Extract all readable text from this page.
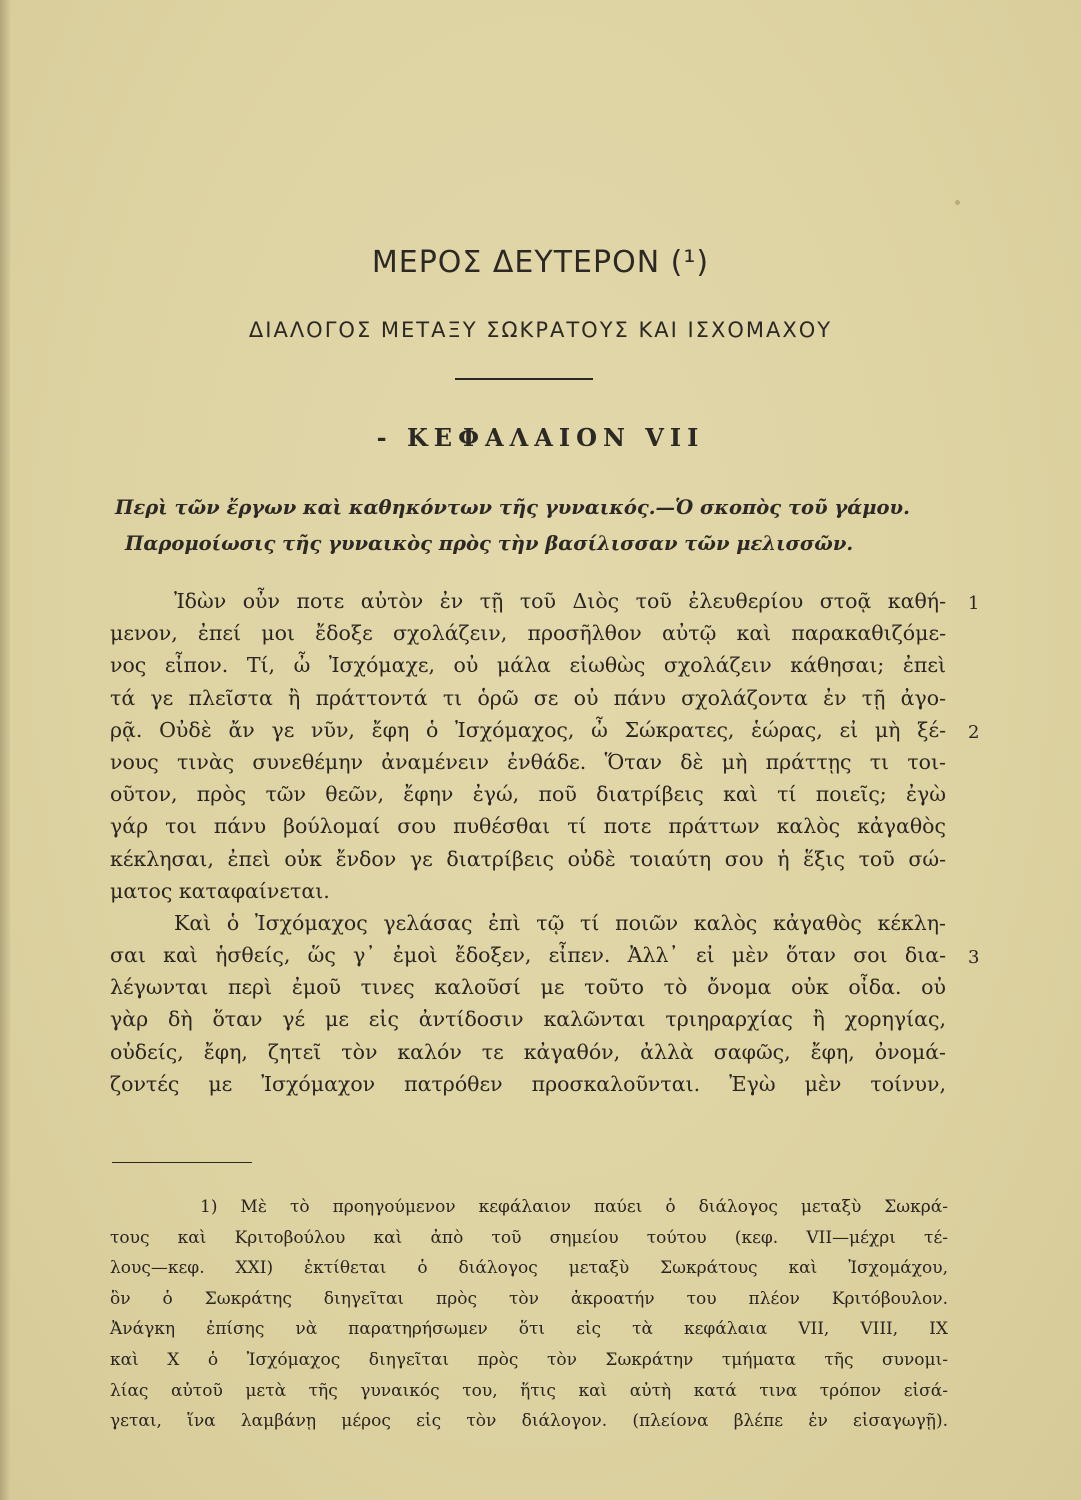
ΜΕΡΟΣ ΔΕΥΤΕΡΟΝ (¹)
ΔΙΑΛΟΓΟΣ ΜΕΤΑΞΥ ΣΩΚΡΑΤΟΥΣ ΚΑΙ ΙΣΧΟΜΑΧΟΥ
- ΚΕΦΑΛΑΙΟΝ VII
Περὶ τῶν ἔργων καὶ καθηκόντων τῆς γυναικός.—Ὁ σκοπὸς τοῦ γάμου.
Παρομοίωσις τῆς γυναικὸς πρὸς τὴν βασίλισσαν τῶν μελισσῶν.
Ἰδὼν οὖν ποτε αὐτὸν ἐν τῇ τοῦ Διὸς τοῦ ἐλευθερίου στοᾷ καθή-
μενον, ἐπεί μοι ἔδοξε σχολάζειν, προσῆλθον αὐτῷ καὶ παρακαθιζόμε-
νος εἶπον. Τί, ὦ Ἰσχόμαχε, οὐ μάλα εἰωθὼς σχολάζειν κάθησαι; ἐπεὶ
τά γε πλεῖστα ἢ πράττοντά τι ὁρῶ σε οὐ πάνυ σχολάζοντα ἐν τῇ ἀγο-
ρᾷ. Οὐδὲ ἄν γε νῦν, ἔφη ὁ Ἰσχόμαχος, ὦ Σώκρατες, ἑώρας, εἰ μὴ ξέ-
νους τινὰς συνεθέμην ἀναμένειν ἐνθάδε. Ὅταν δὲ μὴ πράττῃς τι τοι-
οῦτον, πρὸς τῶν θεῶν, ἔφην ἐγώ, ποῦ διατρίβεις καὶ τί ποιεῖς; ἐγὼ
γάρ τοι πάνυ βούλομαί σου πυθέσθαι τί ποτε πράττων καλὸς κἀγαθὸς
κέκλησαι, ἐπεὶ οὐκ ἔνδον γε διατρίβεις οὐδὲ τοιαύτη σου ἡ ἕξις τοῦ σώ-
ματος καταφαίνεται.
Καὶ ὁ Ἰσχόμαχος γελάσας ἐπὶ τῷ τί ποιῶν καλὸς κἀγαθὸς κέκλη-
σαι καὶ ἡσθείς, ὥς γ᾽ ἐμοὶ ἔδοξεν, εἶπεν. Ἀλλ᾽ εἰ μὲν ὅταν σοι δια-
λέγωνται περὶ ἐμοῦ τινες καλοῦσί με τοῦτο τὸ ὄνομα οὐκ οἶδα. οὐ
γὰρ δὴ ὅταν γέ με εἰς ἀντίδοσιν καλῶνται τριηραρχίας ἢ χορηγίας,
οὐδείς, ἔφη, ζητεῖ τὸν καλόν τε κἀγαθόν, ἀλλὰ σαφῶς, ἔφη, ὀνομά-
ζοντές με Ἰσχόμαχον πατρόθεν προσκαλοῦνται. Ἐγὼ μὲν τοίνυν,
1
2
3
1) Μὲ τὸ προηγούμενον κεφάλαιον παύει ὁ διάλογος μεταξὺ Σωκρά-
τους καὶ Κριτοβούλου καὶ ἀπὸ τοῦ σημείου τούτου (κεφ. VII—μέχρι τέ-
λους—κεφ. XXI) ἐκτίθεται ὁ διάλογος μεταξὺ Σωκράτους καὶ Ἰσχομάχου,
ὃν ὁ Σωκράτης διηγεῖται πρὸς τὸν ἀκροατήν του πλέον Κριτόβουλον.
Ἀνάγκη ἐπίσης νὰ παρατηρήσωμεν ὅτι εἰς τὰ κεφάλαια VII, VIII, IX
καὶ X ὁ Ἰσχόμαχος διηγεῖται πρὸς τὸν Σωκράτην τμήματα τῆς συνομι-
λίας αὐτοῦ μετὰ τῆς γυναικός του, ἥτις καὶ αὐτὴ κατά τινα τρόπον εἰσά-
γεται, ἵνα λαμβάνῃ μέρος εἰς τὸν διάλογον. (πλείονα βλέπε ἐν εἰσαγωγῇ).
